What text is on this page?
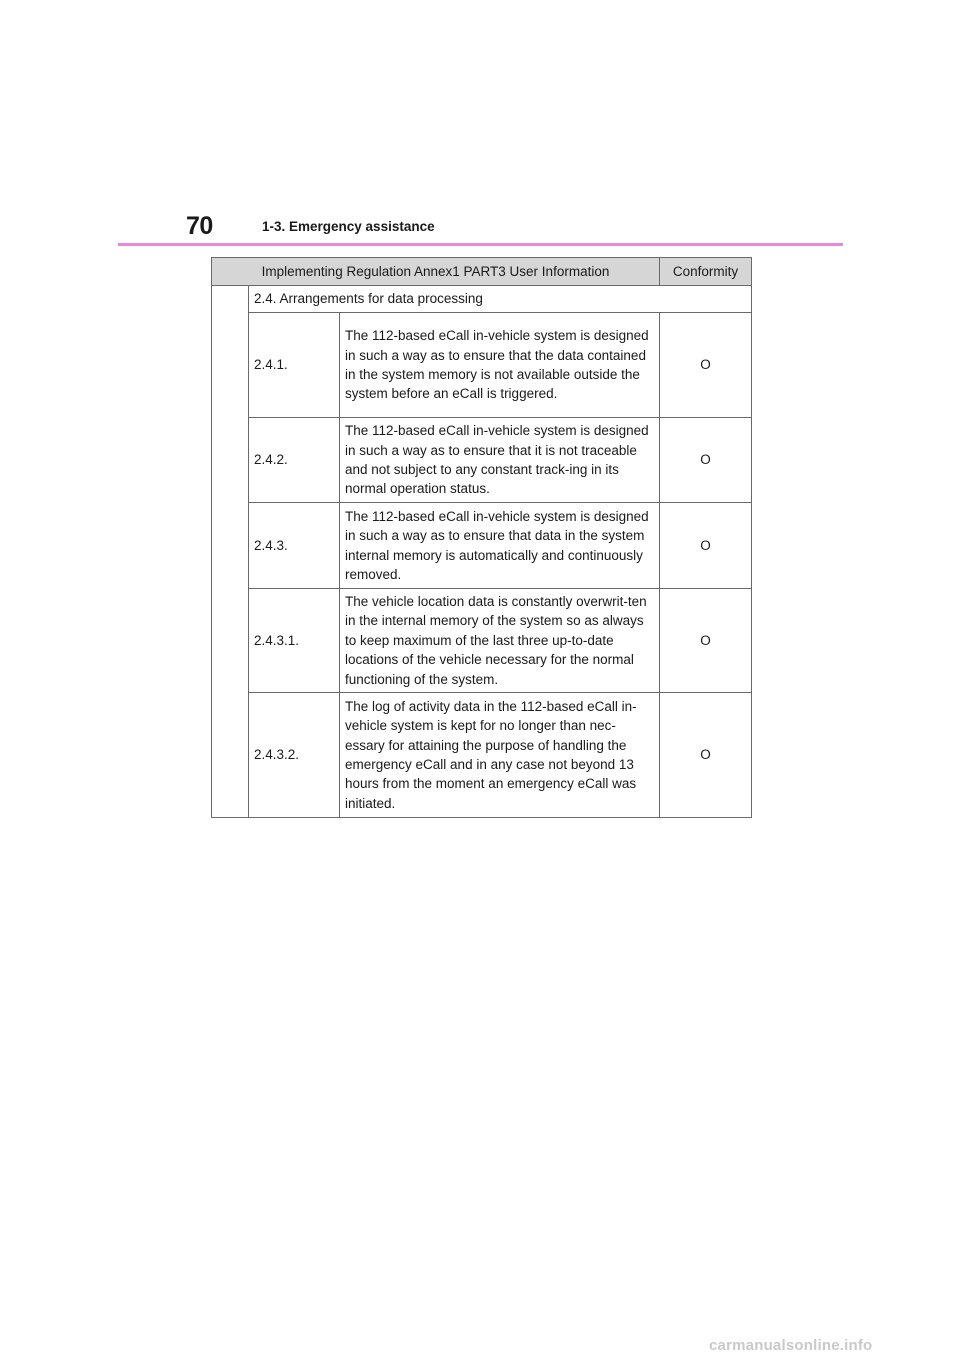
70	1-3. Emergency assistance
Implementing Regulation Annex1 PART3 User Information			Conformity
	2.4. Arrangements for data processing		
	2.4.1.	The 112-based eCall in-vehicle system is designed in such a way as to ensure that the data contained in the system memory is not available outside the system before an eCall is triggered.	O
	2.4.2.	The 112-based eCall in-vehicle system is designed in such a way as to ensure that it is not traceable and not subject to any constant track-ing in its normal operation status.	O
	2.4.3.	The 112-based eCall in-vehicle system is designed in such a way as to ensure that data in the system internal memory is automatically and continuously removed.	O
	2.4.3.1.	The vehicle location data is constantly overwrit-ten in the internal memory of the system so as always to keep maximum of the last three up-to-date locations of the vehicle necessary for the normal functioning of the system.	O
	2.4.3.2.	The log of activity data in the 112-based eCall in-vehicle system is kept for no longer than nec-essary for attaining the purpose of handling the emergency eCall and in any case not beyond 13 hours from the moment an emergency eCall was initiated.	O
carmanualsonline.info
